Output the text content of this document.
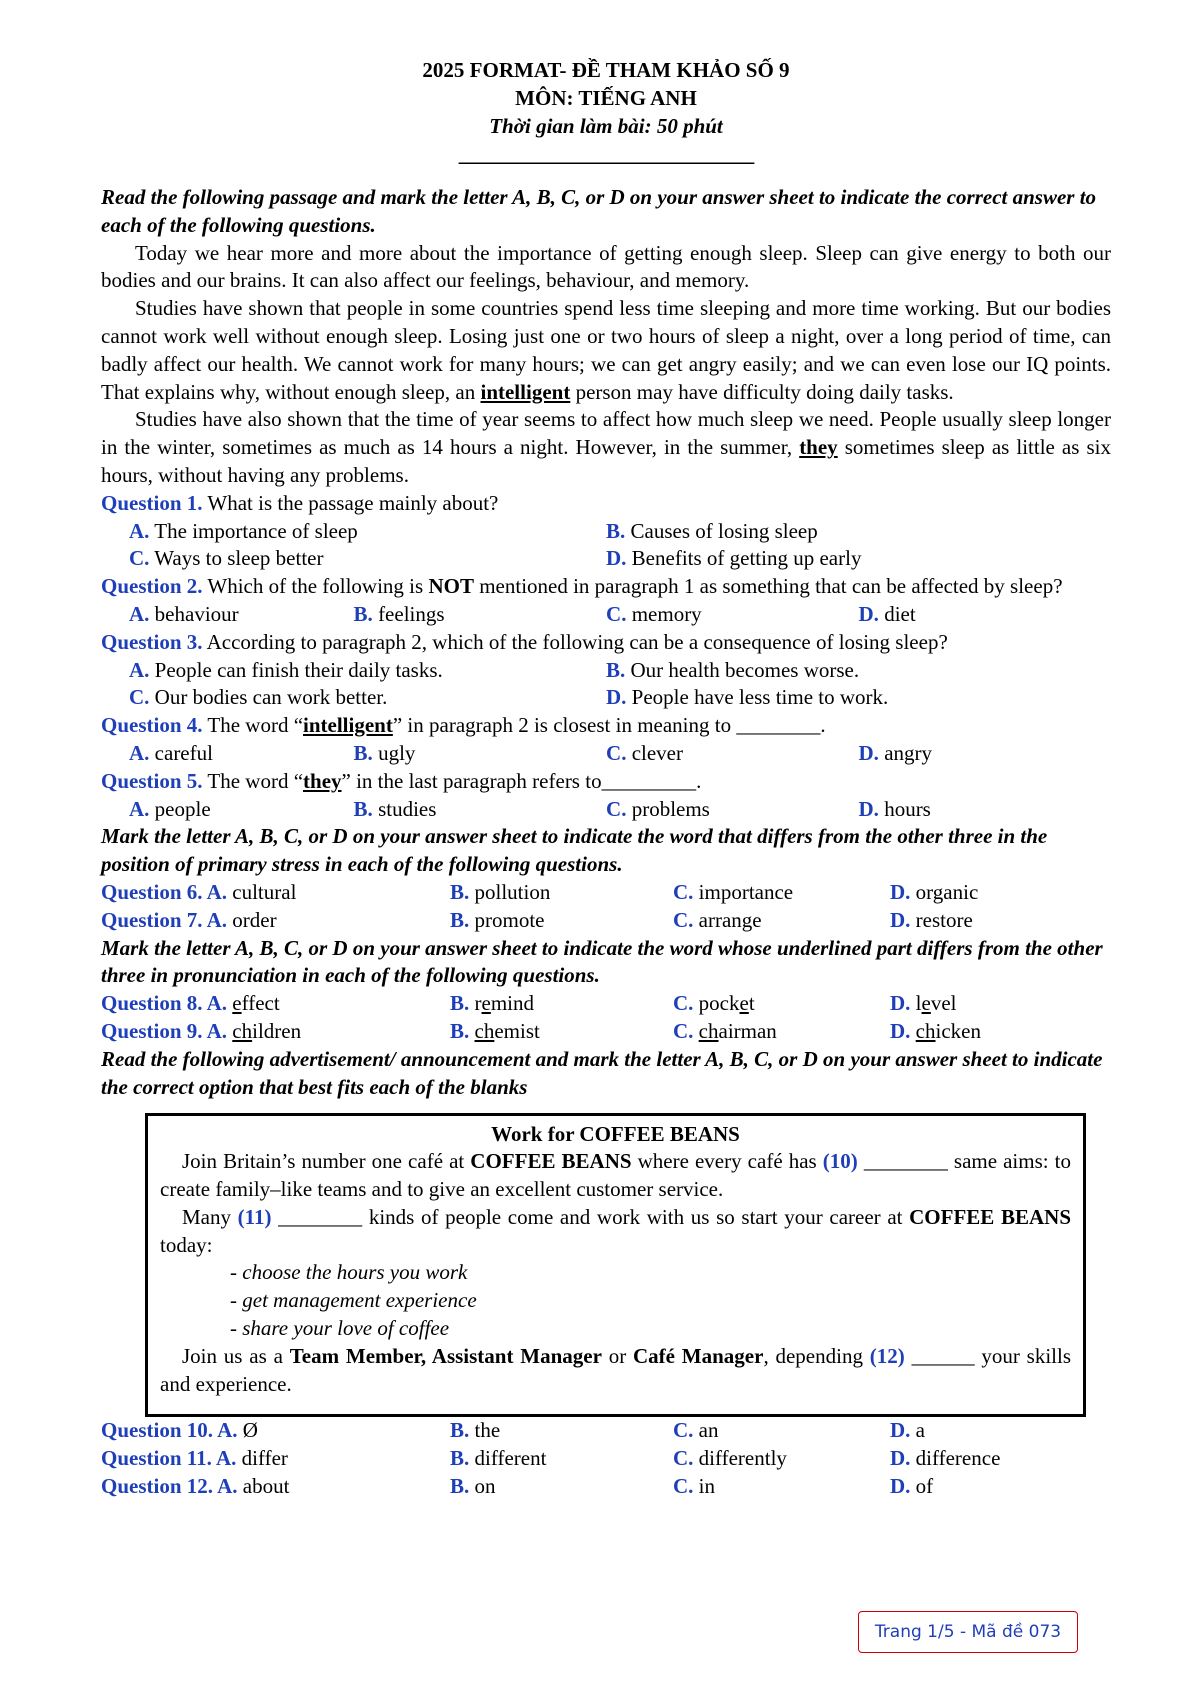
2025 FORMAT- ĐỀ THAM KHẢO SỐ 9
MÔN: TIẾNG ANH
Thời gian làm bài: 50 phút
_______________________________
Read the following passage and mark the letter A, B, C, or D on your answer sheet to indicate the correct answer to each of the following questions.
Today we hear more and more about the importance of getting enough sleep. Sleep can give energy to both our bodies and our brains. It can also affect our feelings, behaviour, and memory.
Studies have shown that people in some countries spend less time sleeping and more time working. But our bodies cannot work well without enough sleep. Losing just one or two hours of sleep a night, over a long period of time, can badly affect our health. We cannot work for many hours; we can get angry easily; and we can even lose our IQ points. That explains why, without enough sleep, an intelligent person may have difficulty doing daily tasks.
Studies have also shown that the time of year seems to affect how much sleep we need. People usually sleep longer in the winter, sometimes as much as 14 hours a night. However, in the summer, they sometimes sleep as little as six hours, without having any problems.
Question 1. What is the passage mainly about?
A. The importance of sleep	B. Causes of losing sleep
C. Ways to sleep better	D. Benefits of getting up early
Question 2. Which of the following is NOT mentioned in paragraph 1 as something that can be affected by sleep?
A. behaviour	B. feelings	C. memory	D. diet
Question 3. According to paragraph 2, which of the following can be a consequence of losing sleep?
A. People can finish their daily tasks.	B. Our health becomes worse.
C. Our bodies can work better.	D. People have less time to work.
Question 4. The word “intelligent” in paragraph 2 is closest in meaning to ________.
A. careful	B. ugly	C. clever	D. angry
Question 5. The word “they” in the last paragraph refers to_________.
A. people	B. studies	C. problems	D. hours
Mark the letter A, B, C, or D on your answer sheet to indicate the word that differs from the other three in the position of primary stress in each of the following questions.
Question 6. A. cultural	B. pollution	C. importance	D. organic
Question 7. A. order	B. promote	C. arrange	D. restore
Mark the letter A, B, C, or D on your answer sheet to indicate the word whose underlined part differs from the other three in pronunciation in each of the following questions.
Question 8. A. effect	B. remind	C. pocket	D. level
Question 9. A. children	B. chemist	C. chairman	D. chicken
Read the following advertisement/ announcement and mark the letter A, B, C, or D on your answer sheet to indicate the correct option that best fits each of the blanks
Work for COFFEE BEANS
Join Britain’s number one café at COFFEE BEANS where every café has (10) ________ same aims: to create family–like teams and to give an excellent customer service.
Many (11) ________ kinds of people come and work with us so start your career at COFFEE BEANS today:
- choose the hours you work
- get management experience
- share your love of coffee
Join us as a Team Member, Assistant Manager or Café Manager, depending (12) ______ your skills and experience.
Question 10. A. Ø	B. the	C. an	D. a
Question 11. A. differ	B. different	C. differently	D. difference
Question 12. A. about	B. on	C. in	D. of
Trang 1/5 - Mã đề 073
